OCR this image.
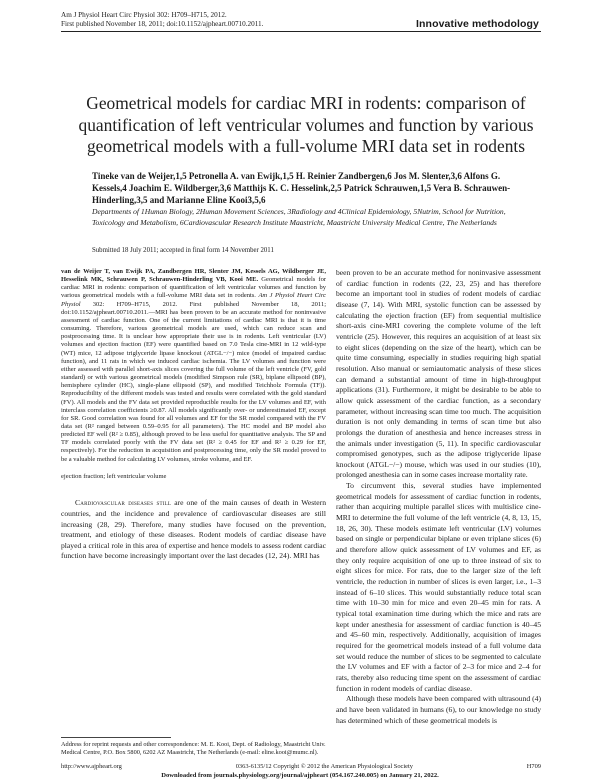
Am J Physiol Heart Circ Physiol 302: H709–H715, 2012.
First published November 18, 2011; doi:10.1152/ajpheart.00710.2011.	Innovative methodology
Geometrical models for cardiac MRI in rodents: comparison of quantification of left ventricular volumes and function by various geometrical models with a full-volume MRI data set in rodents
Tineke van de Weijer,1,5 Petronella A. van Ewijk,1,5 H. Reinier Zandbergen,6 Jos M. Slenter,3,6 Alfons G. Kessels,4 Joachim E. Wildberger,3,6 Matthijs K. C. Hesselink,2,5 Patrick Schrauwen,1,5 Vera B. Schrauwen-Hinderling,3,5 and Marianne Eline Kooi3,5,6
Departments of 1Human Biology, 2Human Movement Sciences, 3Radiology and 4Clinical Epidemiology, 5Nutrim, School for Nutrition, Toxicology and Metabolism, 6Cardiovascular Research Institute Maastricht, Maastricht University Medical Centre, The Netherlands
Submitted 18 July 2011; accepted in final form 14 November 2011
van de Weijer T, van Ewijk PA, Zandbergen HR, Slenter JM, Kessels AG, Wildberger JE, Hesselink MK, Schrauwen P, Schrauwen-Hinderling VB, Kooi ME. Geometrical models for cardiac MRI in rodents: comparison of quantification of left ventricular volumes and function by various geometrical models with a full-volume MRI data set in rodents. Am J Physiol Heart Circ Physiol 302: H709–H715, 2012. First published November 18, 2011; doi:10.1152/ajpheart.00710.2011.—MRI has been proven to be an accurate method for noninvasive assessment of cardiac function. One of the current limitations of cardiac MRI is that it is time consuming. Therefore, various geometrical models are used, which can reduce scan and postprocessing time. It is unclear how appropriate their use is in rodents. Left ventricular (LV) volumes and ejection fraction (EF) were quantified based on 7.0 Tesla cine-MRI in 12 wild-type (WT) mice, 12 adipose triglyceride lipase knockout (ATGL−/−) mice (model of impaired cardiac function), and 11 rats in which we induced cardiac ischemia. The LV volumes and function were either assessed with parallel short-axis slices covering the full volume of the left ventricle (FV, gold standard) or with various geometrical models (modified Simpson rule (SR), biplane ellipsoid (BP), hemisphere cylinder (HC), single-plane ellipsoid (SP), and modified Teichholz Formula (TF)). Reproducibility of the different models was tested and results were correlated with the gold standard (FV). All models and the FV data set provided reproducible results for the LV volumes and EF, with interclass correlation coefficients ≥0.87. All models significantly over- or underestimated EF, except for SR. Good correlation was found for all volumes and EF for the SR model compared with the FV data set (R² ranged between 0.59–0.95 for all parameters). The HC model and BP model also predicted EF well (R² ≥ 0.85), although proved to be less useful for quantitative analysis. The SP and TF models correlated poorly with the FV data set (R² ≥ 0.45 for EF and R² ≥ 0.29 for EF, respectively). For the reduction in acquisition and postprocessing time, only the SR model proved to be a valuable method for calculating LV volumes, stroke volume, and EF.
ejection fraction; left ventricular volume
Cardiovascular diseases still are one of the main causes of death in Western countries, and the incidence and prevalence of cardiovascular diseases are still increasing (28, 29). Therefore, many studies have focused on the prevention, treatment, and etiology of these diseases. Rodent models of cardiac disease have played a critical role in this area of expertise and hence models to assess rodent cardiac function have become increasingly important over the last decades (12, 24). MRI has

been proven to be an accurate method for noninvasive assessment of cardiac function in rodents (22, 23, 25) and has therefore become an important tool in studies of rodent models of cardiac disease (7, 14). With MRI, systolic function can be assessed by calculating the ejection fraction (EF) from sequential multislice short-axis cine-MRI covering the complete volume of the left ventricle (25). However, this requires an acquisition of at least six to eight slices (depending on the size of the heart), which can be quite time consuming, especially in studies requiring high spatial resolution. Also manual or semiautomatic analysis of these slices can demand a substantial amount of time in high-throughput applications (31). Furthermore, it might be desirable to be able to allow quick assessment of the cardiac function, as a secondary parameter, without increasing scan time too much. The acquisition duration is not only demanding in terms of scan time but also prolongs the duration of anesthesia and hence increases stress in the animals under investigation (5, 11). In specific cardiovascular compromised genotypes, such as the adipose triglyceride lipase knockout (ATGL−/−) mouse, which was used in our studies (10), prolonged anesthesia can in some cases increase mortality rate.

To circumvent this, several studies have implemented geometrical models for assessment of cardiac function in rodents, rather than acquiring multiple parallel slices with multislice cine-MRI to determine the full volume of the left ventricle (4, 8, 13, 15, 18, 26, 30). These models estimate left ventricular (LV) volumes based on single or perpendicular biplane or even triplane slices (6) and therefore allow quick assessment of LV volumes and EF, as they only require acquisition of one up to three instead of six to eight slices for mice. For rats, due to the larger size of the left ventricle, the reduction in number of slices is even larger, i.e., 1–3 instead of 6–10 slices. This would substantially reduce total scan time with 10–30 min for mice and even 20–45 min for rats. A typical total examination time during which the mice and rats are kept under anesthesia for assessment of cardiac function is 40–45 and 45–60 min, respectively. Additionally, acquisition of images required for the geometrical models instead of a full volume data set would reduce the number of slices to be segmented to calculate the LV volumes and EF with a factor of 2–3 for mice and 2–4 for rats, thereby also reducing time spent on the assessment of cardiac function in rodent models of cardiac disease.

Although these models have been compared with ultrasound (4) and have been validated in humans (6), to our knowledge no study has determined which of these geometrical models is

Address for reprint requests and other correspondence: M. E. Kooi, Dept. of Radiology, Maastricht Univ. Medical Centre, P.O. Box 5800, 6202 AZ Maastricht, The Netherlands (e-mail: eline.kooi@mumc.nl).
http://www.ajpheart.org	0363-6135/12 Copyright © 2012 the American Physiological Society	H709
Downloaded from journals.physiology.org/journal/ajpheart (054.167.240.005) on January 21, 2022.
